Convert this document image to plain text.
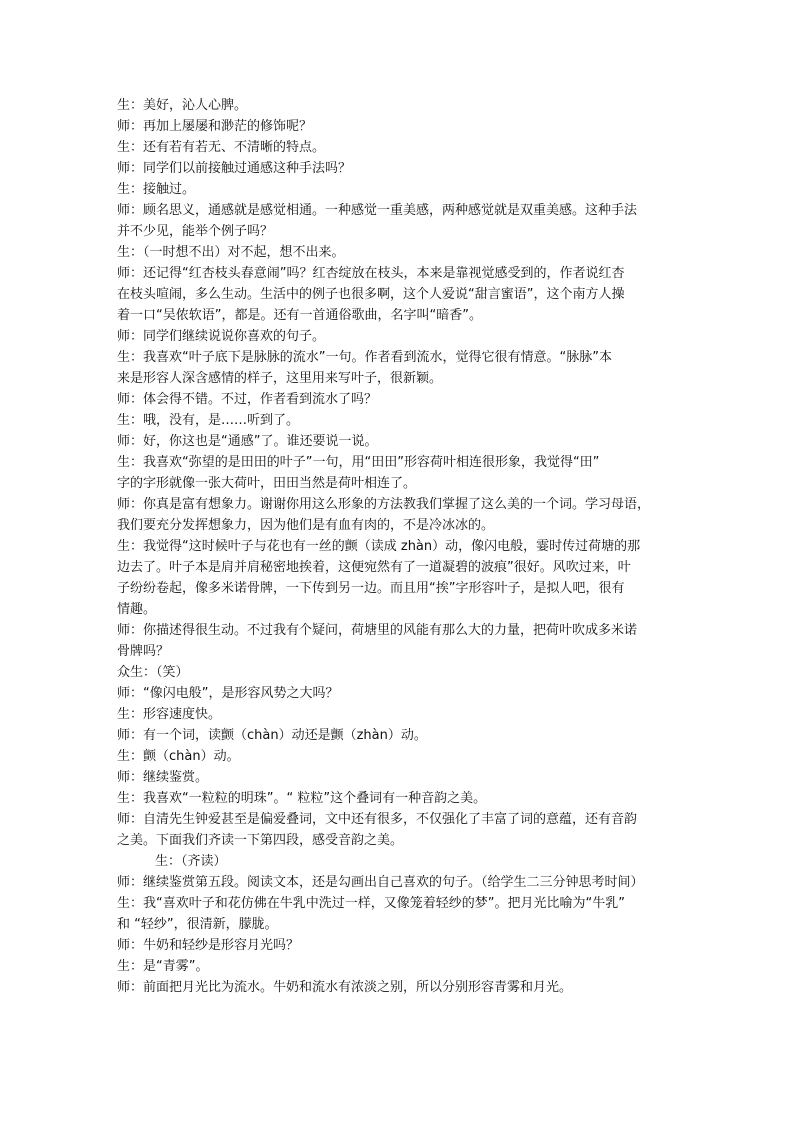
生：美好，沁人心脾。
师：再加上屡屡和渺茫的修饰呢？
生：还有若有若无、不清晰的特点。
师：同学们以前接触过通感这种手法吗？
生：接触过。
师：顾名思义，通感就是感觉相通。一种感觉一重美感，两种感觉就是双重美感。这种手法
并不少见，能举个例子吗？
生：（一时想不出）对不起，想不出来。
师：还记得“红杏枝头春意闹”吗？红杏绽放在枝头，本来是靠视觉感受到的，作者说红杏
在枝头喧闹，多么生动。生活中的例子也很多啊，这个人爱说“甜言蜜语”，这个南方人操
着一口“吴侬软语”，都是。还有一首通俗歌曲，名字叫“暗香”。
师：同学们继续说说你喜欢的句子。
生：我喜欢“叶子底下是脉脉的流水”一句。作者看到流水，觉得它很有情意。“脉脉”本
来是形容人深含感情的样子，这里用来写叶子，很新颖。
师：体会得不错。不过，作者看到流水了吗？
生：哦，没有，是……听到了。
师：好，你这也是“通感”了。谁还要说一说。
生：我喜欢“弥望的是田田的叶子”一句，用“田田”形容荷叶相连很形象，我觉得“田”
字的字形就像一张大荷叶，田田当然是荷叶相连了。
师：你真是富有想象力。谢谢你用这么形象的方法教我们掌握了这么美的一个词。学习母语，
我们要充分发挥想象力，因为他们是有血有肉的，不是冷冰冰的。
生：我觉得“这时候叶子与花也有一丝的颤（读成 zhàn）动，像闪电般，霎时传过荷塘的那
边去了。叶子本是肩并肩秘密地挨着，这便宛然有了一道凝碧的波痕”很好。风吹过来，叶
子纷纷卷起，像多米诺骨牌，一下传到另一边。而且用“挨”字形容叶子，是拟人吧，很有
情趣。
师：你描述得很生动。不过我有个疑问，荷塘里的风能有那么大的力量，把荷叶吹成多米诺
骨牌吗？
众生：（笑）
师：“像闪电般”，是形容风势之大吗？
生：形容速度快。
师：有一个词，读颤（chàn）动还是颤（zhàn）动。
生：颤（chàn）动。
师：继续鉴赏。
生：我喜欢“一粒粒的明珠”。“ 粒粒”这个叠词有一种音韵之美。
师：自清先生钟爱甚至是偏爱叠词，文中还有很多，不仅强化了丰富了词的意蕴，还有音韵
之美。下面我们齐读一下第四段，感受音韵之美。
生：（齐读）
师：继续鉴赏第五段。阅读文本，还是勾画出自己喜欢的句子。（给学生二三分钟思考时间）
生：我“喜欢叶子和花仿佛在牛乳中洗过一样，又像笼着轻纱的梦”。把月光比喻为“牛乳”
和 “轻纱”，很清新，朦胧。
师：牛奶和轻纱是形容月光吗？
生：是“青雾”。
师：前面把月光比为流水。牛奶和流水有浓淡之别，所以分别形容青雾和月光。
